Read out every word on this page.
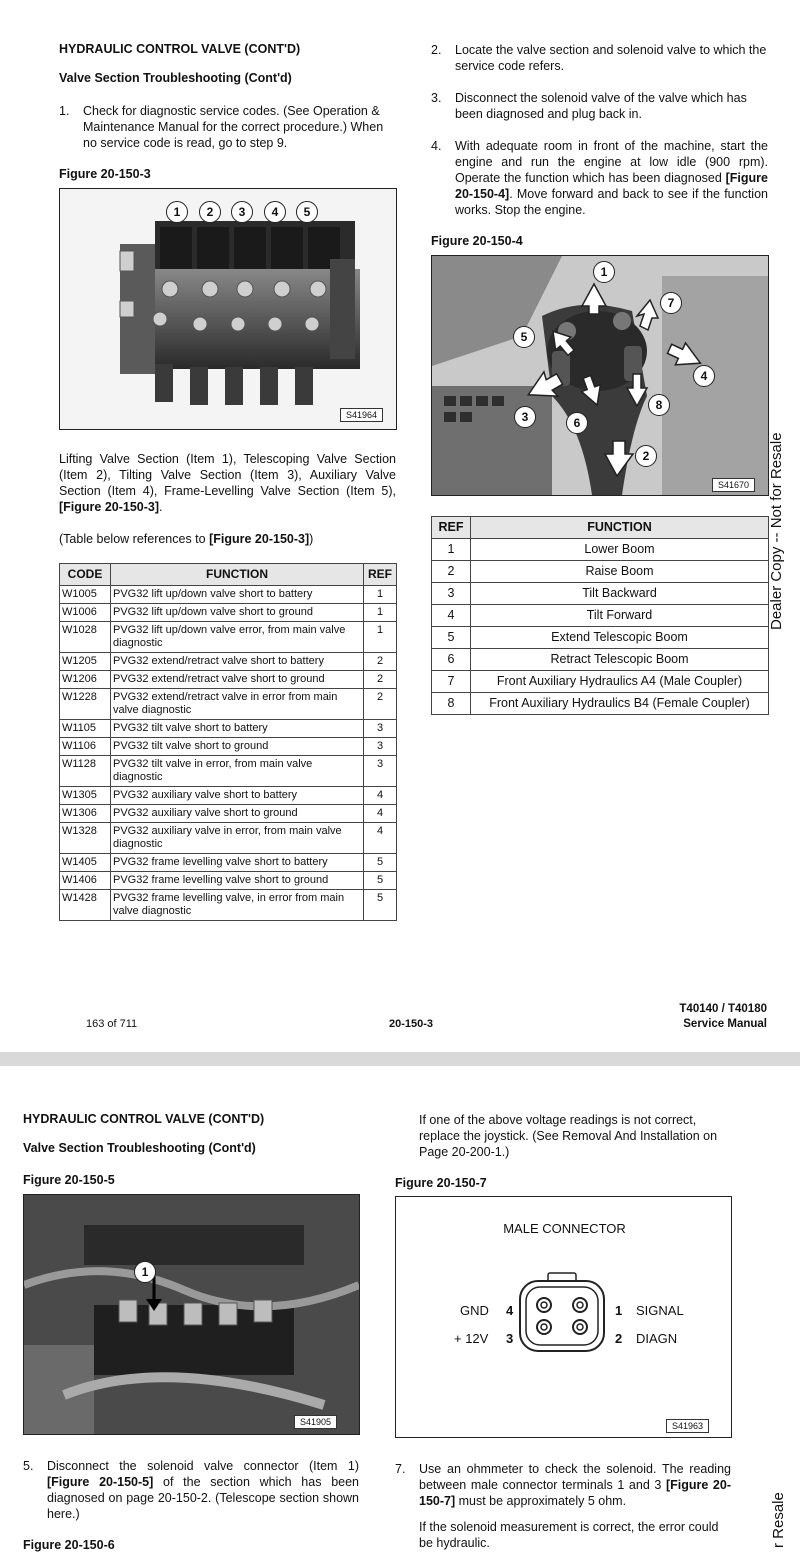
HYDRAULIC CONTROL VALVE (CONT'D)
Valve Section Troubleshooting (Cont'd)
1. Check for diagnostic service codes. (See Operation & Maintenance Manual for the correct procedure.) When no service code is read, go to step 9.
Figure 20-150-3
1	2	3	4	5
S41964
Lifting Valve Section (Item 1), Telescoping Valve Section (Item 2), Tilting Valve Section (Item 3), Auxiliary Valve Section (Item 4), Frame-Levelling Valve Section (Item 5), [Figure 20-150-3].
(Table below references to [Figure 20-150-3])
CODE	FUNCTION	REF
W1005	PVG32 lift up/down valve short to battery	1
W1006	PVG32 lift up/down valve short to ground	1
W1028	PVG32 lift up/down valve error, from main valve diagnostic	1
W1205	PVG32 extend/retract valve short to battery	2
W1206	PVG32 extend/retract valve short to ground	2
W1228	PVG32 extend/retract valve in error from main valve diagnostic	2
W1105	PVG32 tilt valve short to battery	3
W1106	PVG32 tilt valve short to ground	3
W1128	PVG32 tilt valve in error, from main valve diagnostic	3
W1305	PVG32 auxiliary valve short to battery	4
W1306	PVG32 auxiliary valve short to ground	4
W1328	PVG32 auxiliary valve in error, from main valve diagnostic	4
W1405	PVG32 frame levelling valve short to battery	5
W1406	PVG32 frame levelling valve short to ground	5
W1428	PVG32 frame levelling valve, in error from main valve diagnostic	5
2. Locate the valve section and solenoid valve to which the service code refers.
3. Disconnect the solenoid valve of the valve which has been diagnosed and plug back in.
4. With adequate room in front of the machine, start the engine and run the engine at low idle (900 rpm). Operate the function which has been diagnosed [Figure 20-150-4]. Move forward and back to see if the function works. Stop the engine.
Figure 20-150-4
1
2
3
4
5
6
7
8
S41670
REF	FUNCTION
1	Lower Boom
2	Raise Boom
3	Tilt Backward
4	Tilt Forward
5	Extend Telescopic Boom
6	Retract Telescopic Boom
7	Front Auxiliary Hydraulics A4 (Male Coupler)
8	Front Auxiliary Hydraulics B4 (Female Coupler)
Dealer Copy -- Not for Resale
163 of 711	20-150-3
T40140 / T40180
Service Manual
HYDRAULIC CONTROL VALVE (CONT'D)
Valve Section Troubleshooting (Cont'd)
Figure 20-150-5
1
S41905
5. Disconnect the solenoid valve connector (Item 1) [Figure 20-150-5] of the section which has been diagnosed on page 20-150-2. (Telescope section shown here.)
Figure 20-150-6
If one of the above voltage readings is not correct, replace the joystick. (See Removal And Installation on Page 20-200-1.)
Figure 20-150-7
MALE CONNECTOR
GND 4
+ 12V 3
1 SIGNAL
2 DIAGN
S41963
7. Use an ohmmeter to check the solenoid. The reading between male connector terminals 1 and 3 [Figure 20-150-7] must be approximately 5 ohm.
If the solenoid measurement is correct, the error could be hydraulic.	r Resale
